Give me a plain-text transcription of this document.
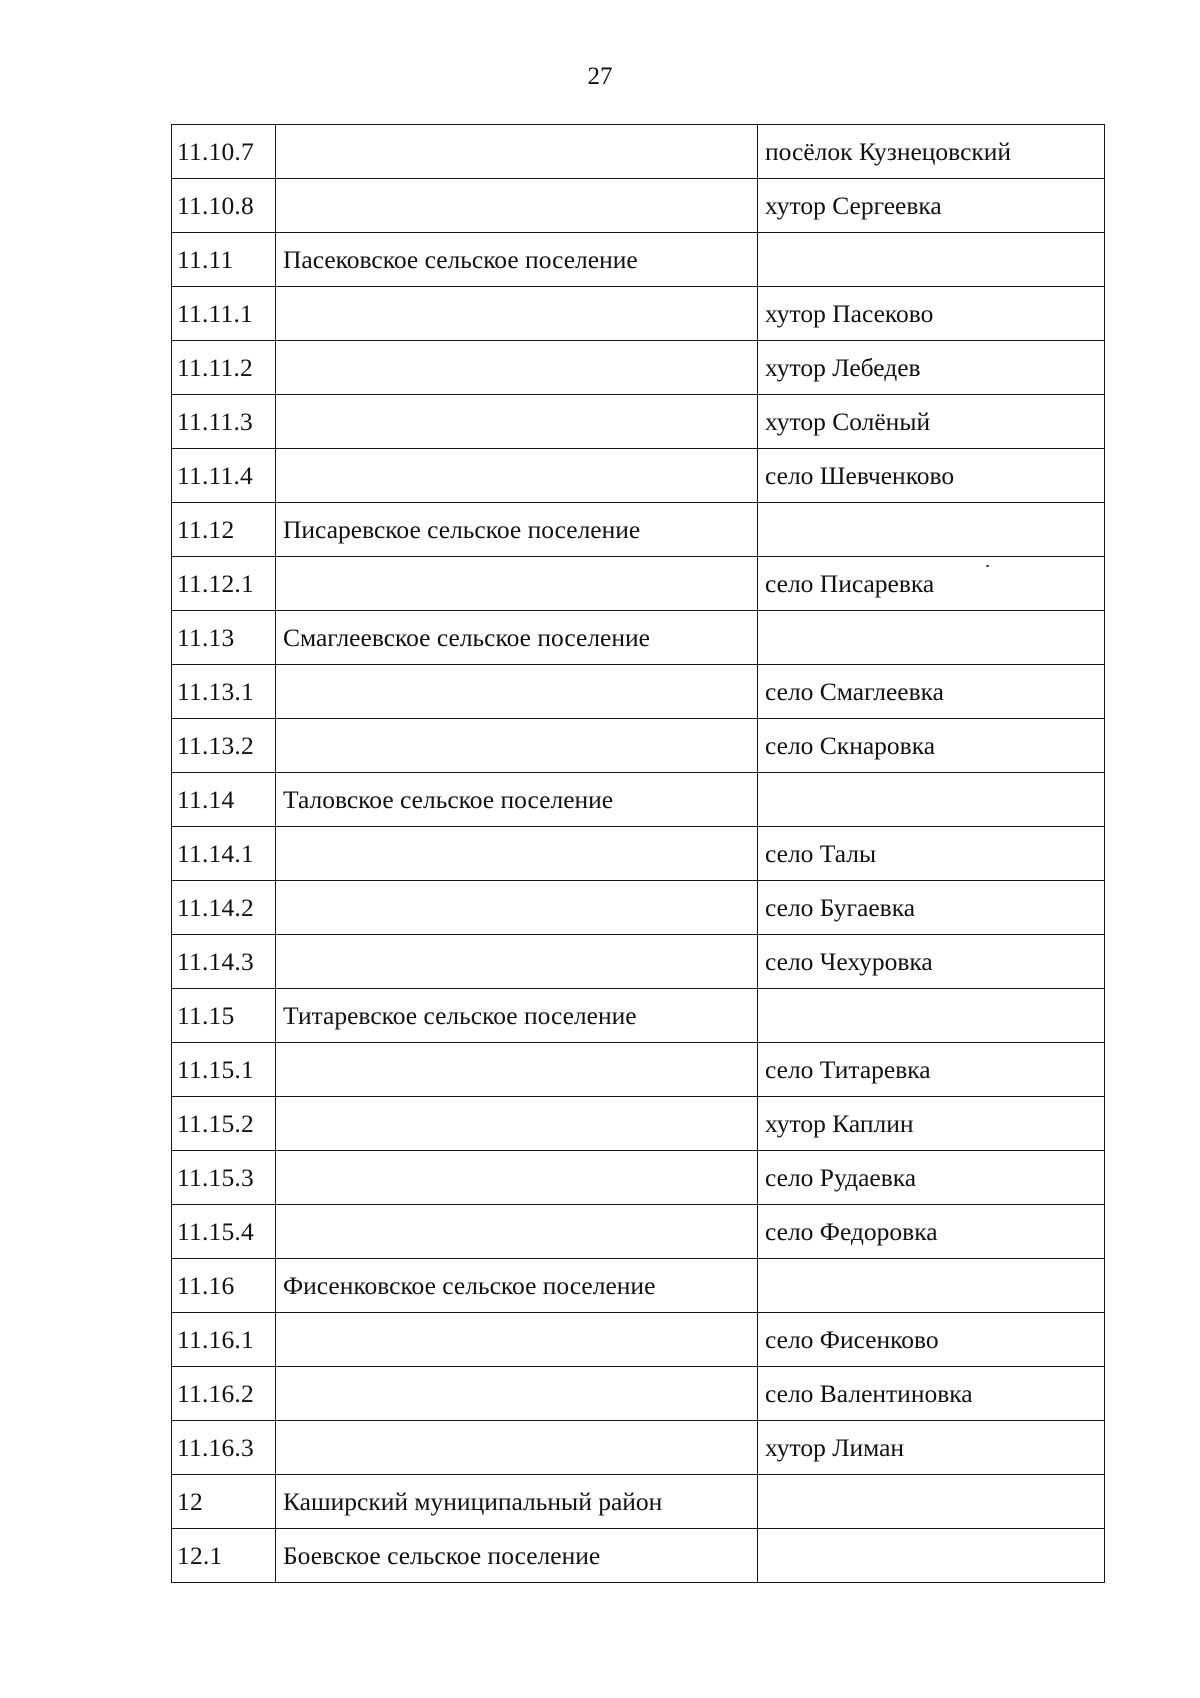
27
11.10.7		посёлок Кузнецовский
11.10.8		хутор Сергеевка
11.11	Пасековское сельское поселение	
11.11.1		хутор Пасеково
11.11.2		хутор Лебедев
11.11.3		хутор Солёный
11.11.4		село Шевченково
11.12	Писаревское сельское поселение	
11.12.1		село Писаревка
11.13	Смаглеевское сельское поселение	
11.13.1		село Смаглеевка
11.13.2		село Скнаровка
11.14	Таловское сельское поселение	
11.14.1		село Талы
11.14.2		село Бугаевка
11.14.3		село Чехуровка
11.15	Титаревское сельское поселение	
11.15.1		село Титаревка
11.15.2		хутор Каплин
11.15.3		село Рудаевка
11.15.4		село Федоровка
11.16	Фисенковское сельское поселение	
11.16.1		село Фисенково
11.16.2		село Валентиновка
11.16.3		хутор Лиман
12	Каширский муниципальный район	
12.1	Боевское сельское поселение	
